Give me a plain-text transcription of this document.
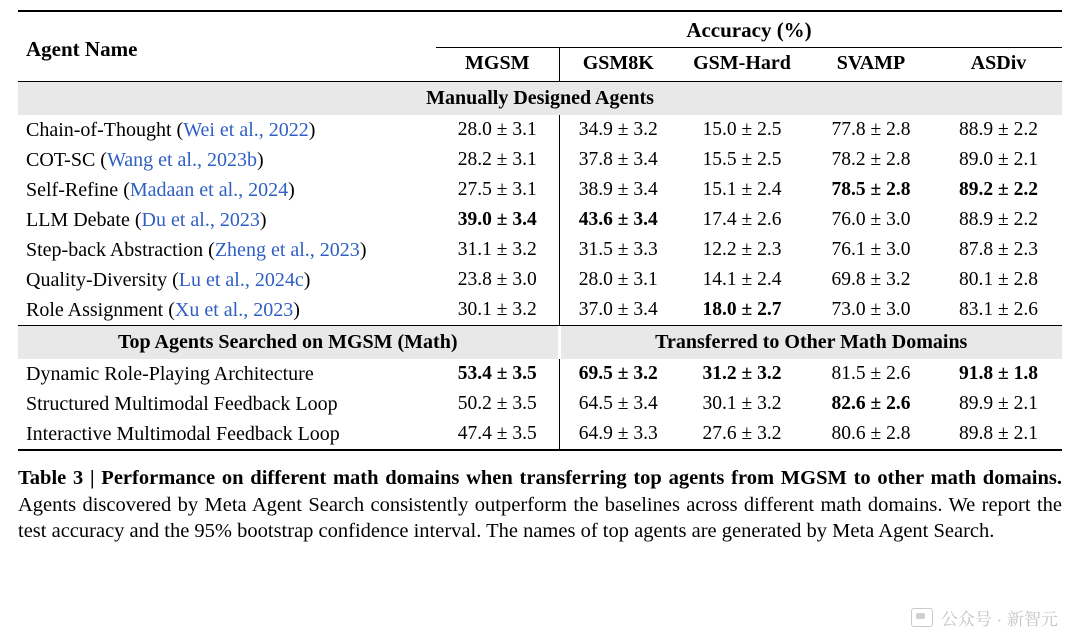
Agent Name	Accuracy (%)				
	MGSM	GSM8K	GSM-Hard	SVAMP	ASDiv

Manually Designed Agents					
Chain-of-Thought (Wei et al., 2022)	28.0 ± 3.1	34.9 ± 3.2	15.0 ± 2.5	77.8 ± 2.8	88.9 ± 2.2
COT-SC (Wang et al., 2023b)	28.2 ± 3.1	37.8 ± 3.4	15.5 ± 2.5	78.2 ± 2.8	89.0 ± 2.1
Self-Refine (Madaan et al., 2024)	27.5 ± 3.1	38.9 ± 3.4	15.1 ± 2.4	78.5 ± 2.8	89.2 ± 2.2
LLM Debate (Du et al., 2023)	39.0 ± 3.4	43.6 ± 3.4	17.4 ± 2.6	76.0 ± 3.0	88.9 ± 2.2
Step-back Abstraction (Zheng et al., 2023)	31.1 ± 3.2	31.5 ± 3.3	12.2 ± 2.3	76.1 ± 3.0	87.8 ± 2.3
Quality-Diversity (Lu et al., 2024c)	23.8 ± 3.0	28.0 ± 3.1	14.1 ± 2.4	69.8 ± 3.2	80.1 ± 2.8
Role Assignment (Xu et al., 2023)	30.1 ± 3.2	37.0 ± 3.4	18.0 ± 2.7	73.0 ± 3.0	83.1 ± 2.6

Top Agents Searched on MGSM (Math)		Transferred to Other Math Domains			
Dynamic Role-Playing Architecture	53.4 ± 3.5	69.5 ± 3.2	31.2 ± 3.2	81.5 ± 2.6	91.8 ± 1.8
Structured Multimodal Feedback Loop	50.2 ± 3.5	64.5 ± 3.4	30.1 ± 3.2	82.6 ± 2.6	89.9 ± 2.1
Interactive Multimodal Feedback Loop	47.4 ± 3.5	64.9 ± 3.3	27.6 ± 3.2	80.6 ± 2.8	89.8 ± 2.1

Table 3 | Performance on different math domains when transferring top agents from MGSM to other math domains. Agents discovered by Meta Agent Search consistently outperform the baselines across different math domains. We report the test accuracy and the 95% bootstrap confidence interval. The names of top agents are generated by Meta Agent Search.
公众号 · 新智元
